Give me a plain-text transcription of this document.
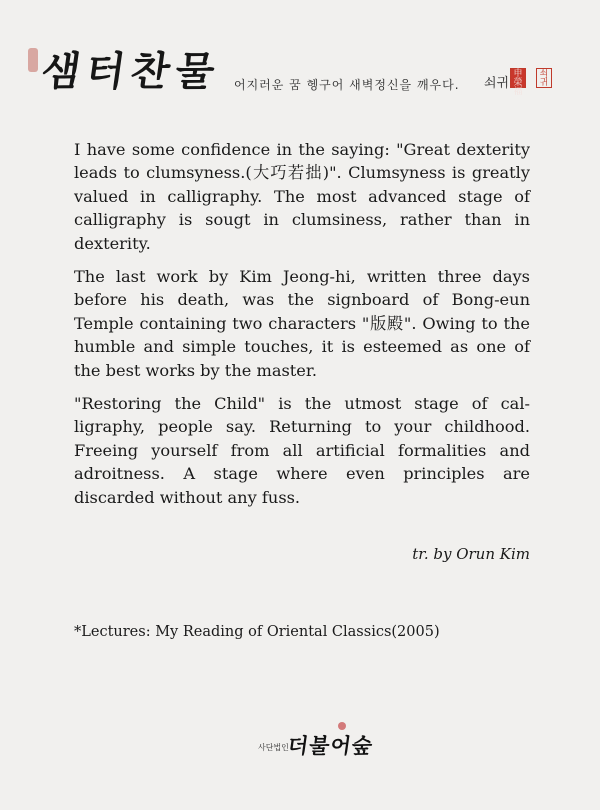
샘터찬물 어지러운 꿈 헹구어 새벽정신을 깨우다. 쇠귀
申榮福
쇠귀

I have some confidence in the saying: "Great dexterity leads to clumsyness.(大巧若拙)". Clumsyness is greatly valued in calligraphy. The most advanced stage of calligraphy is sougt in clumsiness, rather than in dexterity.

The last work by Kim Jeong-hi, written three days before his death, was the signboard of Bong-eun Temple containing two characters "版殿". Owing to the humble and simple touches, it is esteemed as one of the best works by the master.

"Restoring the Child" is the utmost stage of calligraphy, people say. Returning to your childhood. Freeing yourself from all artificial formalities and adroitness. A stage where even principles are discarded without any fuss.

tr. by Orun Kim
*Lectures: My Reading of Oriental Classics(2005)
사단법인
더불어숲
